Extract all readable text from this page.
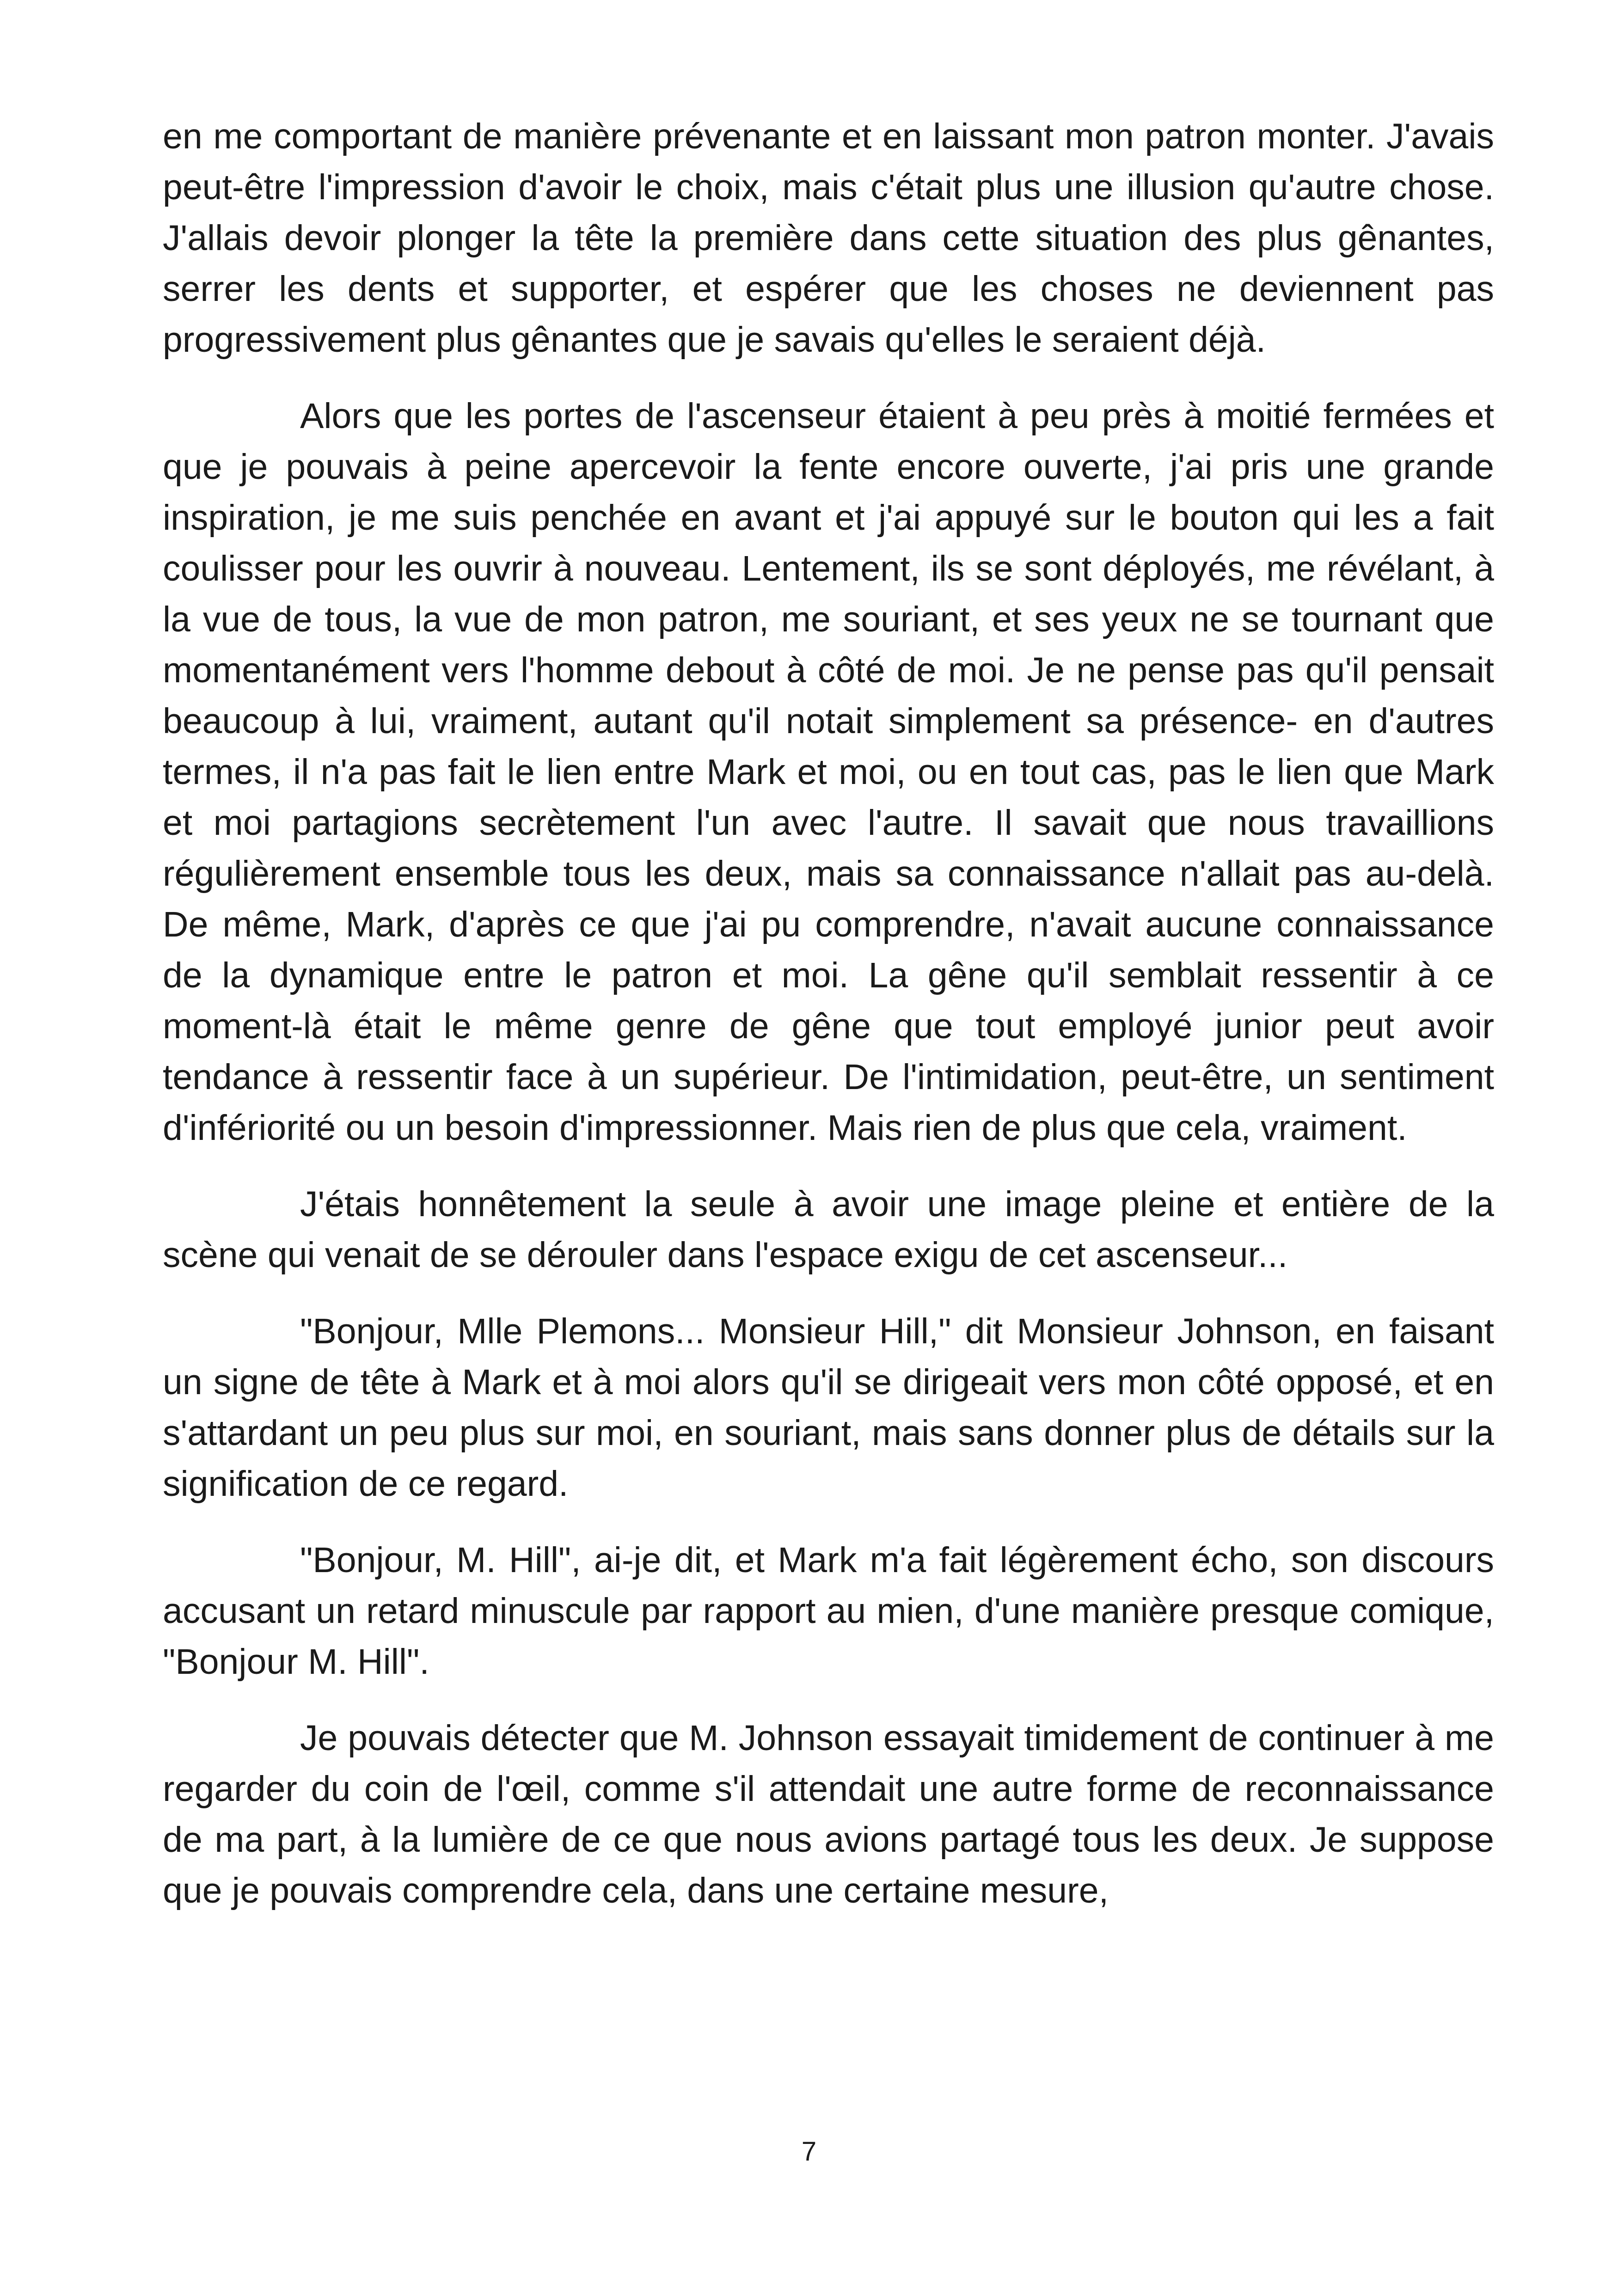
en me comportant de manière prévenante et en laissant mon patron monter. J'avais peut-être l'impression d'avoir le choix, mais c'était plus une illusion qu'autre chose. J'allais devoir plonger la tête la première dans cette situation des plus gênantes, serrer les dents et supporter, et espérer que les choses ne deviennent pas progressivement plus gênantes que je savais qu'elles le seraient déjà.

Alors que les portes de l'ascenseur étaient à peu près à moitié fermées et que je pouvais à peine apercevoir la fente encore ouverte, j'ai pris une grande inspiration, je me suis penchée en avant et j'ai appuyé sur le bouton qui les a fait coulisser pour les ouvrir à nouveau. Lentement, ils se sont déployés, me révélant, à la vue de tous, la vue de mon patron, me souriant, et ses yeux ne se tournant que momentanément vers l'homme debout à côté de moi. Je ne pense pas qu'il pensait beaucoup à lui, vraiment, autant qu'il notait simplement sa présence- en d'autres termes, il n'a pas fait le lien entre Mark et moi, ou en tout cas, pas le lien que Mark et moi partagions secrètement l'un avec l'autre. Il savait que nous travaillions régulièrement ensemble tous les deux, mais sa connaissance n'allait pas au-delà. De même, Mark, d'après ce que j'ai pu comprendre, n'avait aucune connaissance de la dynamique entre le patron et moi. La gêne qu'il semblait ressentir à ce moment-là était le même genre de gêne que tout employé junior peut avoir tendance à ressentir face à un supérieur. De l'intimidation, peut-être, un sentiment d'infériorité ou un besoin d'impressionner. Mais rien de plus que cela, vraiment.

J'étais honnêtement la seule à avoir une image pleine et entière de la scène qui venait de se dérouler dans l'espace exigu de cet ascenseur...

"Bonjour, Mlle Plemons... Monsieur Hill," dit Monsieur Johnson, en faisant un signe de tête à Mark et à moi alors qu'il se dirigeait vers mon côté opposé, et en s'attardant un peu plus sur moi, en souriant, mais sans donner plus de détails sur la signification de ce regard.

"Bonjour, M. Hill", ai-je dit, et Mark m'a fait légèrement écho, son discours accusant un retard minuscule par rapport au mien, d'une manière presque comique, "Bonjour M. Hill".

Je pouvais détecter que M. Johnson essayait timidement de continuer à me regarder du coin de l'œil, comme s'il attendait une autre forme de reconnaissance de ma part, à la lumière de ce que nous avions partagé tous les deux. Je suppose que je pouvais comprendre cela, dans une certaine mesure,

7
